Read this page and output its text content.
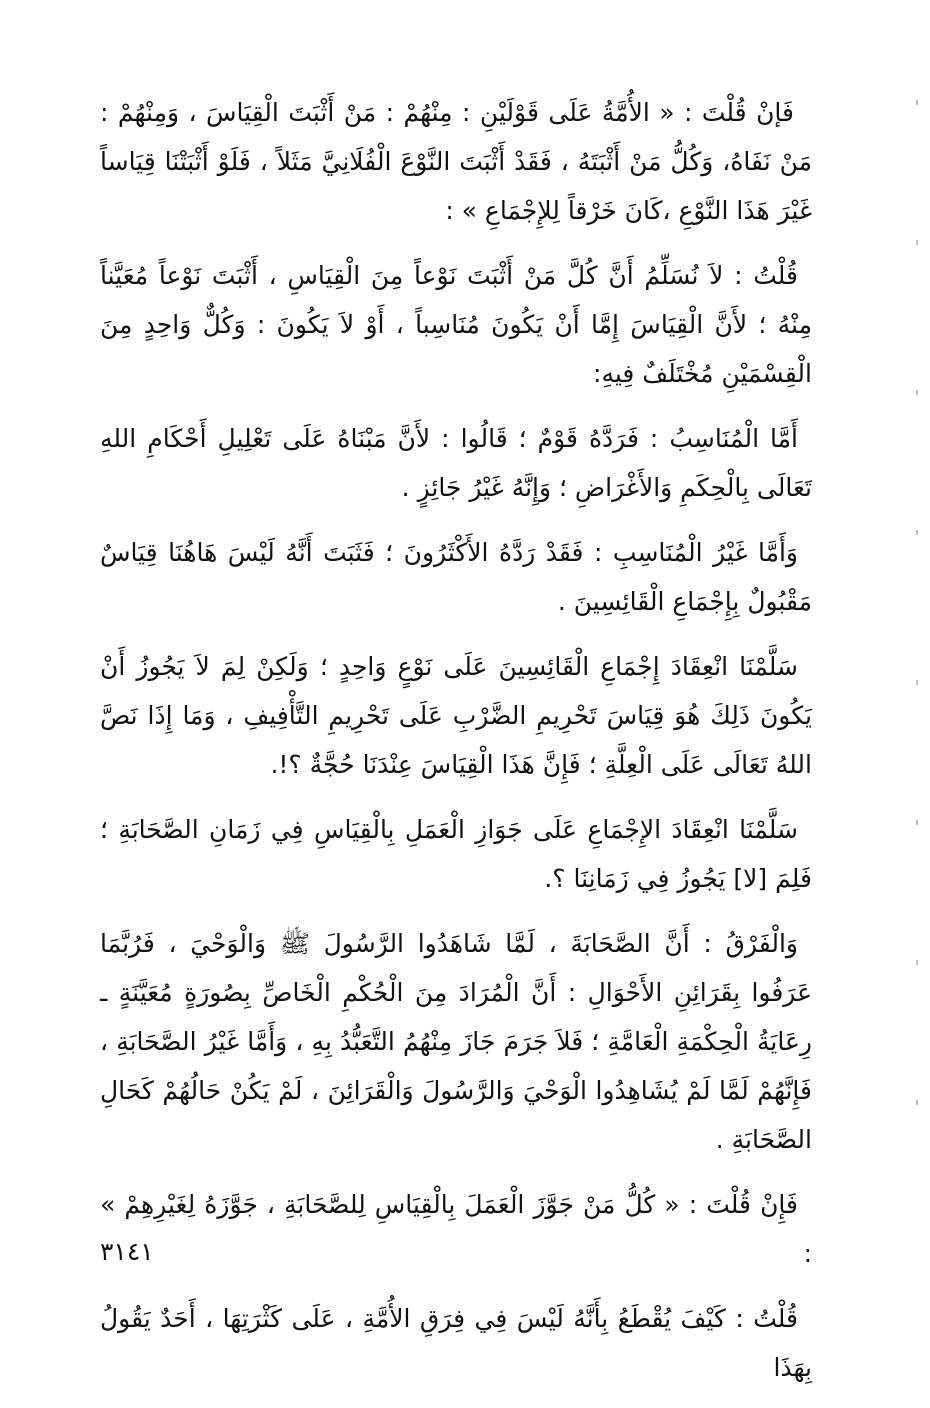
فَإنْ قُلْتَ : « الأُمَّةُ عَلَى قَوْلَيْنِ : مِنْهُمْ : مَنْ أَثْبَتَ الْقِيَاسَ ، وَمِنْهُمْ : مَنْ نَفَاهُ، وَكُلُّ مَنْ أَثْبَتَهُ ، فَقَدْ أَثْبَتَ النَّوْعَ الْفُلَانِيَّ مَثَلاً ، فَلَوْ أَثْبَتْنَا قِيَاساً غَيْرَ هَذَا النَّوْعِ ،كَانَ خَرْقاً لِلإِجْمَاعِ » :

قُلْتُ : لاَ نُسَلِّمُ أَنَّ كُلَّ مَنْ أَثْبَتَ نَوْعاً مِنَ الْقِيَاسِ ، أَثْبَتَ نَوْعاً مُعَيَّناً مِنْهُ ؛ لأَنَّ الْقِيَاسَ إِمَّا أَنْ يَكُونَ مُنَاسِباً ، أَوْ لاَ يَكُونَ : وَكُلٌّ وَاحِدٍ مِنَ الْقِسْمَيْنِ مُخْتَلَفٌ فِيهِ:

أَمَّا الْمُنَاسِبُ : فَرَدَّهُ قَوْمٌ ؛ قَالُوا : لأَنَّ مَبْنَاهُ عَلَى تَعْلِيلِ أَحْكَامِ اللهِ تَعَالَى بِالْحِكَمِ وَالأَغْرَاضِ ؛ وَإِنَّهُ غَيْرُ جَائِزٍ .

وَأَمَّا غَيْرُ الْمُنَاسِبِ : فَقَدْ رَدَّهُ الأَكْثَرُونَ ؛ فَثَبَتَ أَنَّهُ لَيْسَ هَاهُنَا قِيَاسٌ مَقْبُولٌ بِإِجْمَاعِ الْقَائِسِينَ .

سَلَّمْنَا انْعِقَادَ إِجْمَاعِ الْقَائِسِينَ عَلَى نَوْعٍ وَاحِدٍ ؛ وَلَكِنْ لِمَ لاَ يَجُوزُ أَنْ يَكُونَ ذَلِكَ هُوَ قِيَاسَ تَحْرِيمِ الضَّرْبِ عَلَى تَحْرِيمِ التَّأْفِيفِ ، وَمَا إِذَا نَصَّ اللهُ تَعَالَى عَلَى الْعِلَّةِ ؛ فَإِنَّ هَذَا الْقِيَاسَ عِنْدَنَا حُجَّةٌ ؟!.

سَلَّمْنَا انْعِقَادَ الإِجْمَاعِ عَلَى جَوَازِ الْعَمَلِ بِالْقِيَاسِ فِي زَمَانِ الصَّحَابَةِ ؛ فَلِمَ [لا] يَجُوزُ فِي زَمَانِنَا ؟.

وَالْفَرْقُ : أَنَّ الصَّحَابَةَ ، لَمَّا شَاهَدُوا الرَّسُولَ ﷺ وَالْوَحْيَ ، فَرُبَّمَا عَرَفُوا بِقَرَائِنِ الأَحْوَالِ : أَنَّ الْمُرَادَ مِنَ الْحُكْمِ الْخَاصِّ بِصُورَةٍ مُعَيَّنَةٍ ـ رِعَايَةُ الْحِكْمَةِ الْعَامَّةِ ؛ فَلاَ جَرَمَ جَازَ مِنْهُمُ التَّعَبُّدُ بِهِ ، وَأَمَّا غَيْرُ الصَّحَابَةِ ، فَإِنَّهُمْ لَمَّا لَمْ يُشَاهِدُوا الْوَحْيَ وَالرَّسُولَ وَالْقَرَائِنَ ، لَمْ يَكُنْ حَالُهُمْ كَحَالِ الصَّحَابَةِ .

فَإِنْ قُلْتَ : « كُلُّ مَنْ جَوَّزَ الْعَمَلَ بِالْقِيَاسِ لِلصَّحَابَةِ ، جَوَّزَهُ لِغَيْرِهِمْ » :

قُلْتُ : كَيْفَ يُقْطَعُ بِأَنَّهُ لَيْسَ فِي فِرَقِ الأُمَّةِ ، عَلَى كَثْرَتِهَا ، أَحَدٌ يَقُولُ بِهَذَا

٣١٤١
